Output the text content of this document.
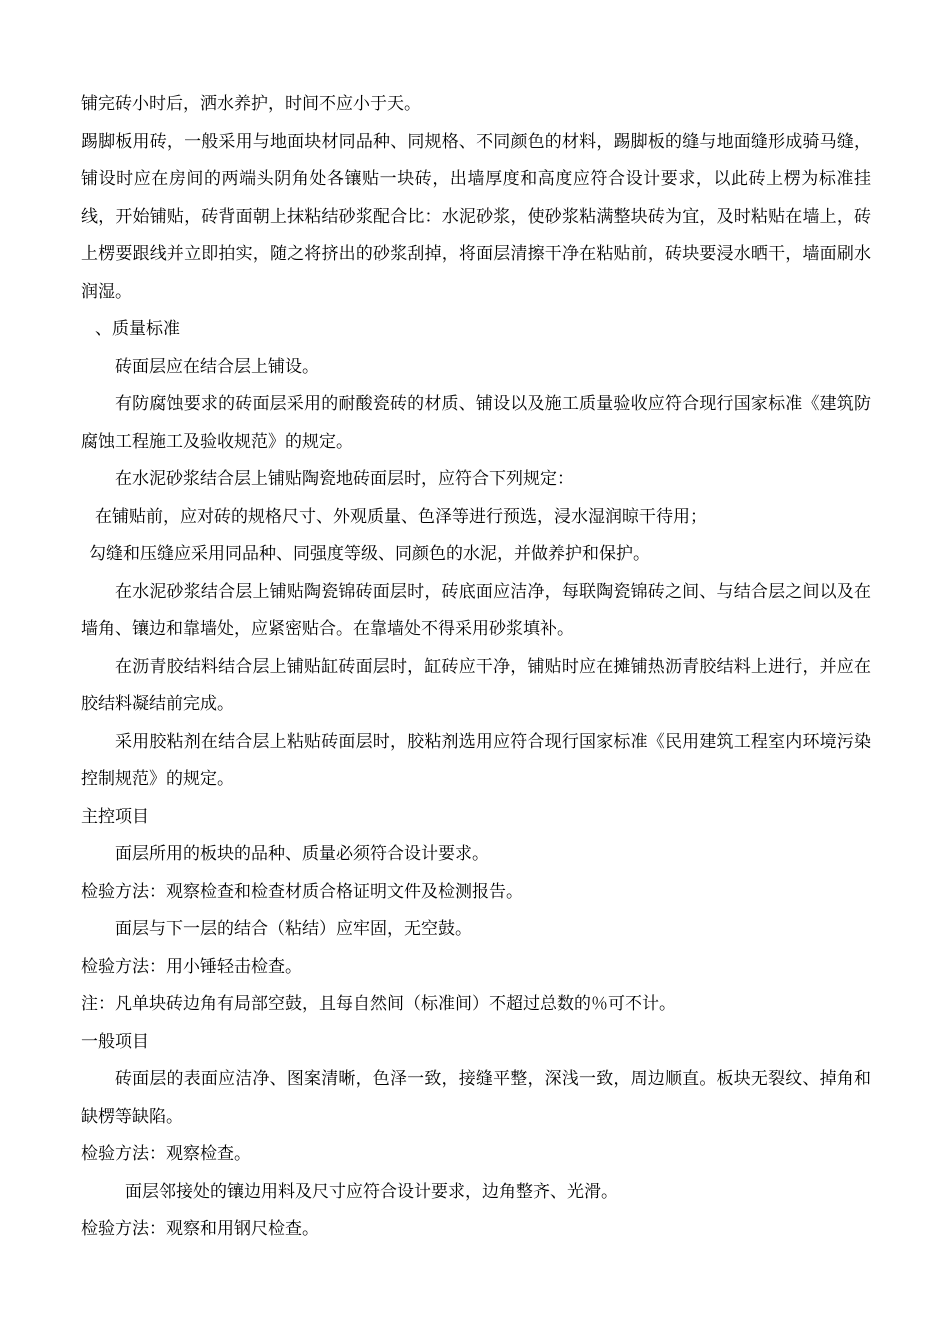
铺完砖小时后，洒水养护，时间不应小于天。

踢脚板用砖，一般采用与地面块材同品种、同规格、不同颜色的材料，踢脚板的缝与地面缝形成骑马缝，铺设时应在房间的两端头阴角处各镶贴一块砖，出墙厚度和高度应符合设计要求，以此砖上楞为标准挂线，开始铺贴，砖背面朝上抹粘结砂浆配合比：水泥砂浆，使砂浆粘满整块砖为宜，及时粘贴在墙上，砖上楞要跟线并立即拍实，随之将挤出的砂浆刮掉，将面层清擦干净在粘贴前，砖块要浸水晒干，墙面刷水润湿。

、质量标准

砖面层应在结合层上铺设。

有防腐蚀要求的砖面层采用的耐酸瓷砖的材质、铺设以及施工质量验收应符合现行国家标准《建筑防腐蚀工程施工及验收规范》的规定。

在水泥砂浆结合层上铺贴陶瓷地砖面层时，应符合下列规定：

在铺贴前，应对砖的规格尺寸、外观质量、色泽等进行预选，浸水湿润晾干待用；

勾缝和压缝应采用同品种、同强度等级、同颜色的水泥，并做养护和保护。

在水泥砂浆结合层上铺贴陶瓷锦砖面层时，砖底面应洁净，每联陶瓷锦砖之间、与结合层之间以及在墙角、镶边和靠墙处，应紧密贴合。在靠墙处不得采用砂浆填补。

在沥青胶结料结合层上铺贴缸砖面层时，缸砖应干净，铺贴时应在摊铺热沥青胶结料上进行，并应在胶结料凝结前完成。

采用胶粘剂在结合层上粘贴砖面层时，胶粘剂选用应符合现行国家标准《民用建筑工程室内环境污染控制规范》的规定。

主控项目

面层所用的板块的品种、质量必须符合设计要求。

检验方法：观察检查和检查材质合格证明文件及检测报告。

面层与下一层的结合（粘结）应牢固，无空鼓。

检验方法：用小锤轻击检查。

注：凡单块砖边角有局部空鼓，且每自然间（标准间）不超过总数的％可不计。

一般项目

砖面层的表面应洁净、图案清晰，色泽一致，接缝平整，深浅一致，周边顺直。板块无裂纹、掉角和缺楞等缺陷。

检验方法：观察检查。

面层邻接处的镶边用料及尺寸应符合设计要求，边角整齐、光滑。

检验方法：观察和用钢尺检查。
